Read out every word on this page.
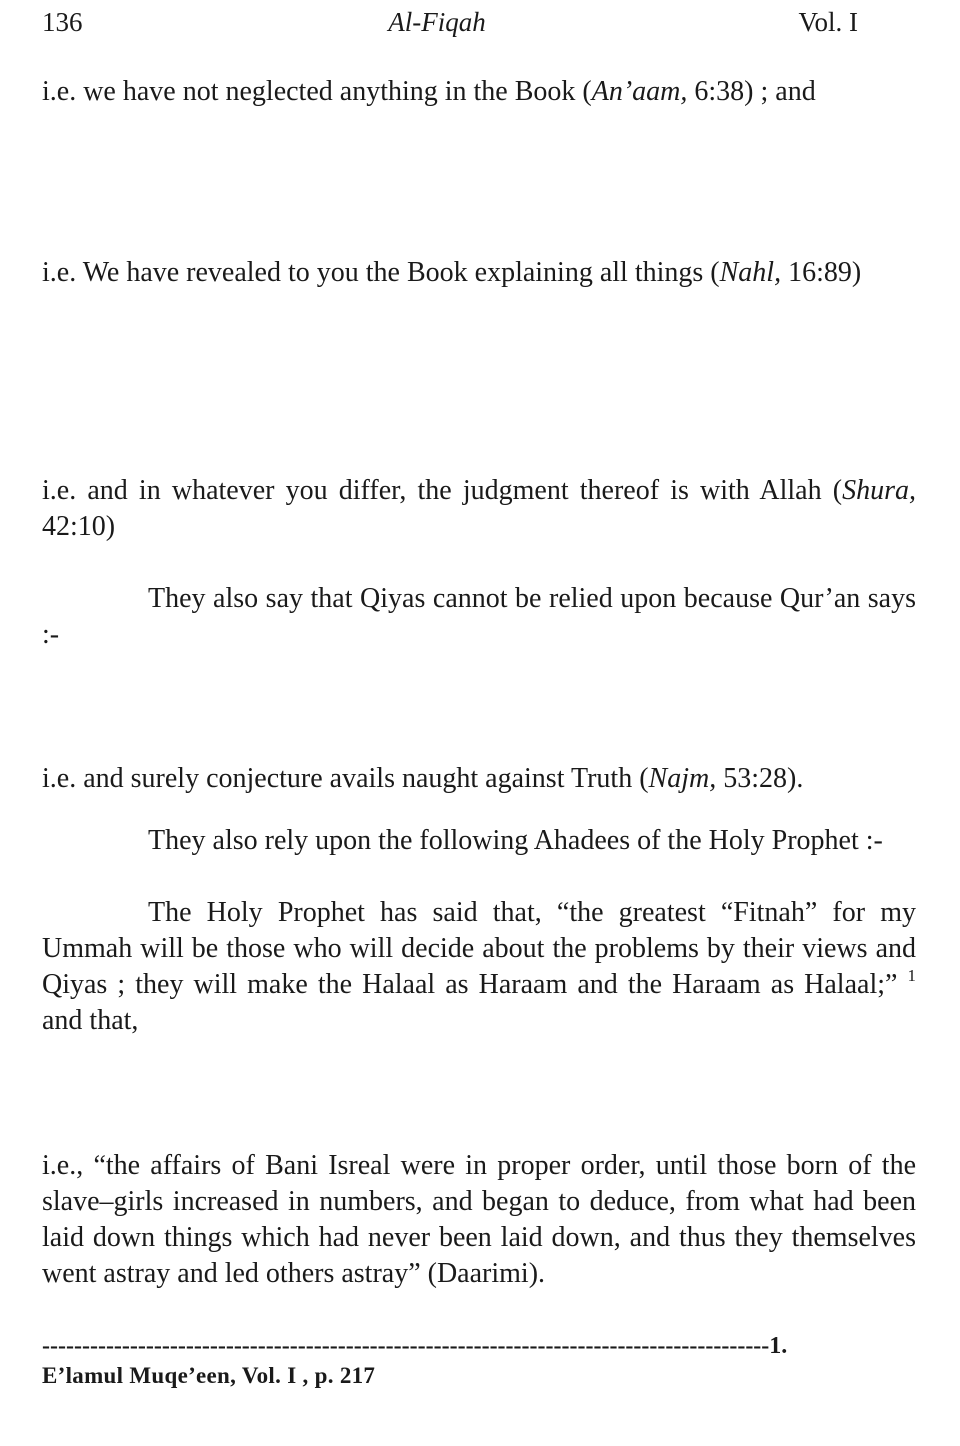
136	Al-Fiqah	Vol. I

i.e. we have not neglected anything in the Book (An’aam, 6:38) ; and

i.e. We have revealed to you the Book explaining all things (Nahl, 16:89)

i.e. and in whatever you differ, the judgment thereof is with Allah (Shura, 42:10)

They also say that Qiyas cannot be relied upon because Qur’an says :-

i.e. and surely conjecture avails naught against Truth (Najm, 53:28).

They also rely upon the following Ahadees of the Holy Prophet :-

The Holy Prophet has said that, “the greatest “Fitnah” for my Ummah will be those who will decide about the problems by their views and Qiyas ; they will make the Halaal as Haraam and the Haraam as Halaal;” $^1$ and that,

i.e., “the affairs of Bani Isreal were in proper order, until those born of the slave–girls increased in numbers, and began to deduce, from what had been laid down things which had never been laid down, and thus they themselves went astray and led others astray” (Daarimi).

-------------------------------------------------------------------------------------------1.
E’lamul Muqe’een, Vol. I , p. 217
